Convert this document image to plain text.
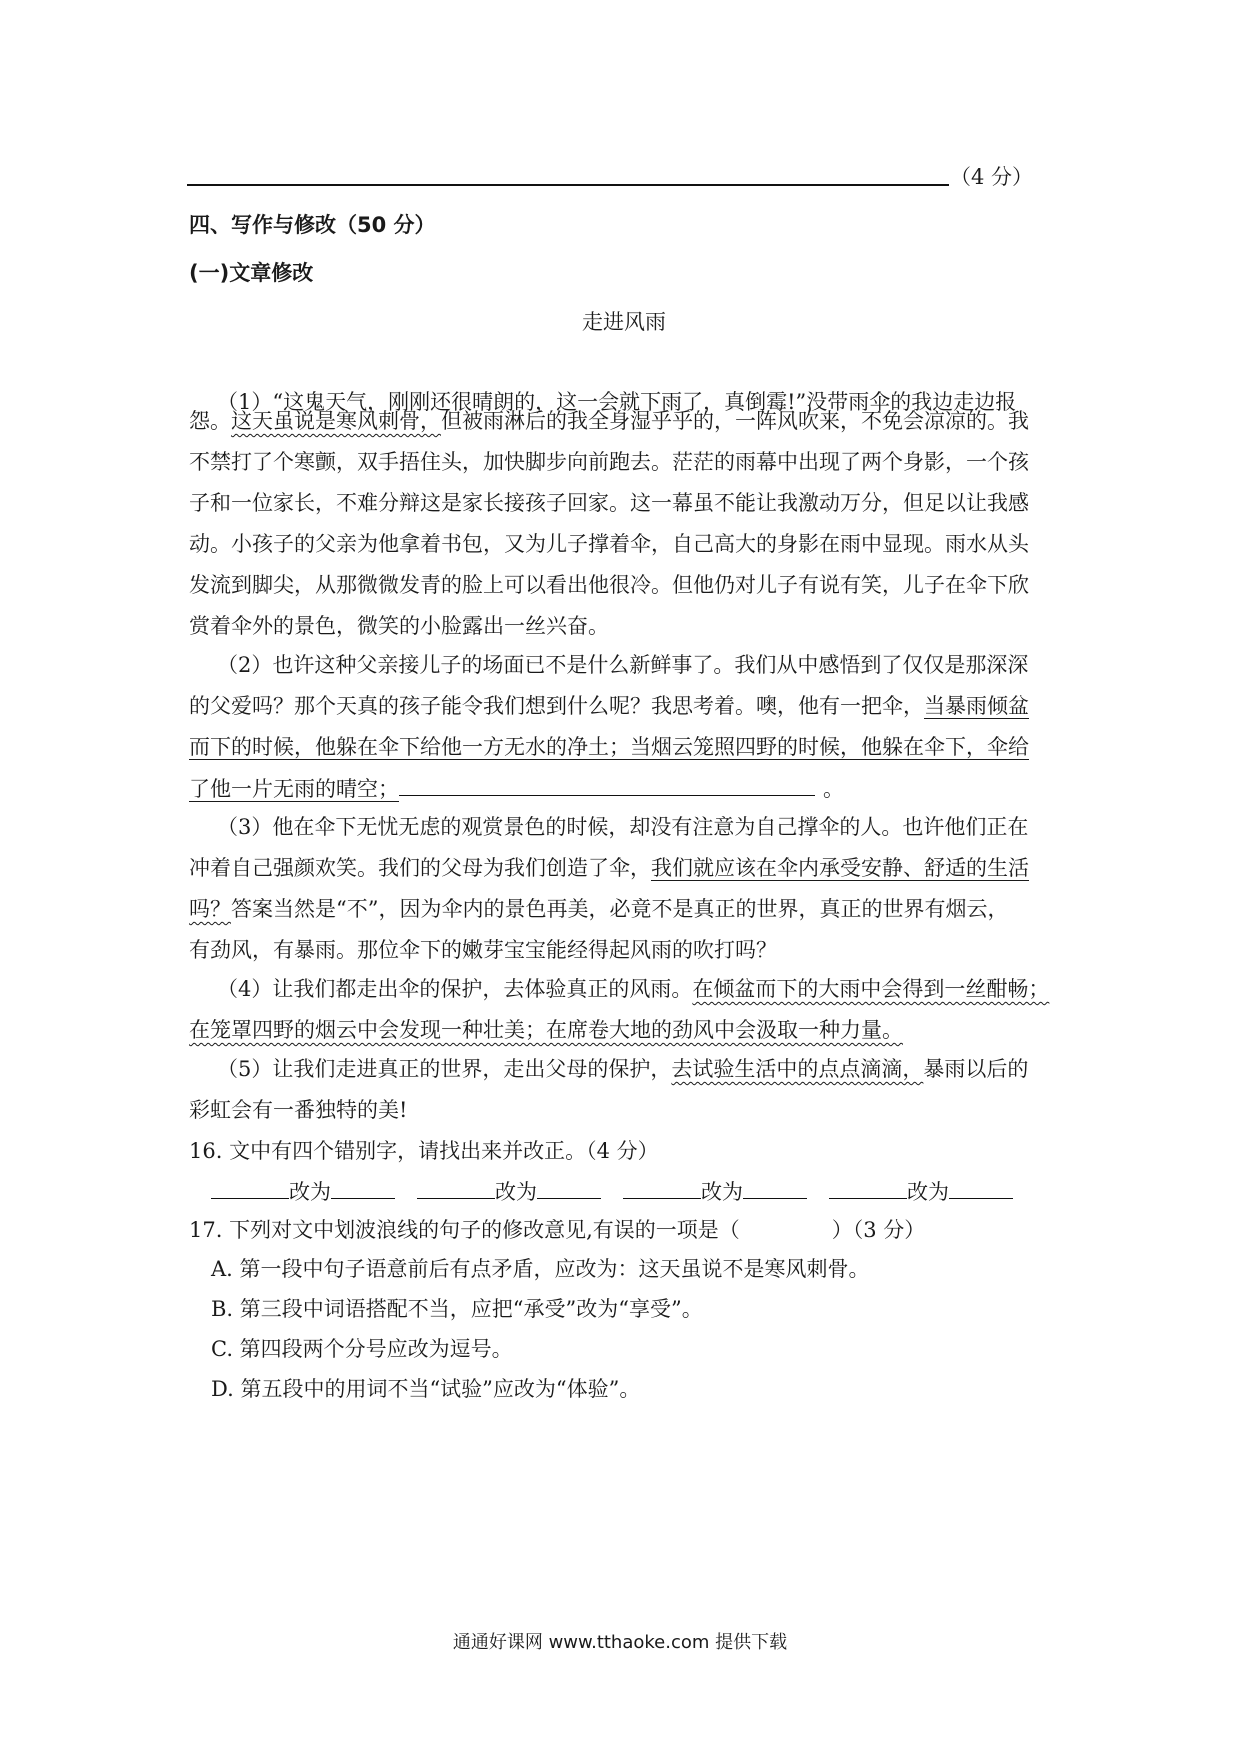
（4 分）
四、写作与修改（50 分）
(一)文章修改
走进风雨
（1）“这鬼天气，刚刚还很晴朗的，这一会就下雨了，真倒霉!”没带雨伞的我边走边报
怨。这天虽说是寒风刺骨，但被雨淋后的我全身湿乎乎的，一阵风吹来，不免会凉凉的。我
不禁打了个寒颤，双手捂住头，加快脚步向前跑去。茫茫的雨幕中出现了两个身影，一个孩
子和一位家长，不难分辩这是家长接孩子回家。这一幕虽不能让我激动万分，但足以让我感
动。小孩子的父亲为他拿着书包，又为儿子撑着伞，自己高大的身影在雨中显现。雨水从头
发流到脚尖，从那微微发青的脸上可以看出他很冷。但他仍对儿子有说有笑，儿子在伞下欣
赏着伞外的景色，微笑的小脸露出一丝兴奋。
（2）也许这种父亲接儿子的场面已不是什么新鲜事了。我们从中感悟到了仅仅是那深深
的父爱吗？那个天真的孩子能令我们想到什么呢？我思考着。噢，他有一把伞，当暴雨倾盆
而下的时候，他躲在伞下给他一方无水的净土；当烟云笼照四野的时候，他躲在伞下，伞给
了他一片无雨的晴空；	。
（3）他在伞下无忧无虑的观赏景色的时候，却没有注意为自己撑伞的人。也许他们正在
冲着自己强颜欢笑。我们的父母为我们创造了伞，我们就应该在伞内承受安静、舒适的生活
吗？答案当然是“不”，因为伞内的景色再美，必竟不是真正的世界，真正的世界有烟云，
有劲风，有暴雨。那位伞下的嫩芽宝宝能经得起风雨的吹打吗？
（4）让我们都走出伞的保护，去体验真正的风雨。在倾盆而下的大雨中会得到一丝酣畅；
在笼罩四野的烟云中会发现一种壮美；在席卷大地的劲风中会汲取一种力量。
（5）让我们走进真正的世界，走出父母的保护，去试验生活中的点点滴滴，暴雨以后的
彩虹会有一番独特的美!
16. 文中有四个错别字，请找出来并改正。（4 分）
改为	改为	改为	改为
17. 下列对文中划波浪线的句子的修改意见,有误的一项是（	）（3 分）
A. 第一段中句子语意前后有点矛盾，应改为：这天虽说不是寒风刺骨。
B. 第三段中词语搭配不当，应把“承受”改为“享受”。
C. 第四段两个分号应改为逗号。
D. 第五段中的用词不当“试验”应改为“体验”。
通通好课网 www.tthaoke.com 提供下载
